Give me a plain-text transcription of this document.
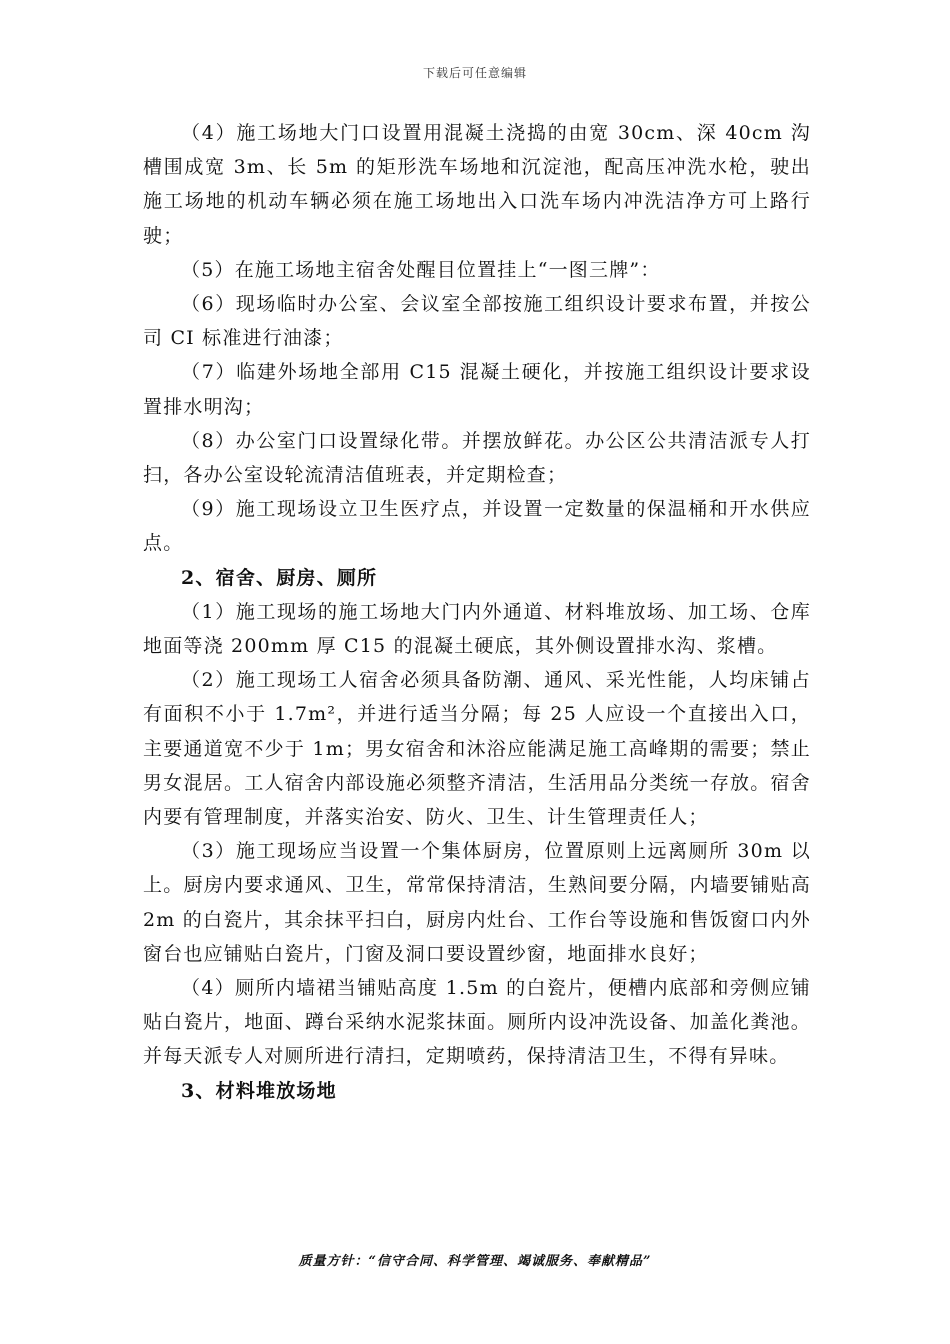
下载后可任意编辑

（4）施工场地大门口设置用混凝土浇捣的由宽 30cm、深 40cm 沟槽围成宽 3m、长 5m 的矩形洗车场地和沉淀池，配高压冲洗水枪，驶出施工场地的机动车辆必须在施工场地出入口洗车场内冲洗洁净方可上路行驶；

（5）在施工场地主宿舍处醒目位置挂上“一图三牌”：

（6）现场临时办公室、会议室全部按施工组织设计要求布置，并按公司 CI 标准进行油漆；

（7）临建外场地全部用 C15 混凝土硬化，并按施工组织设计要求设置排水明沟；

（8）办公室门口设置绿化带。并摆放鲜花。办公区公共清洁派专人打扫，各办公室设轮流清洁值班表，并定期检查；

（9）施工现场设立卫生医疗点，并设置一定数量的保温桶和开水供应点。

2、宿舍、厨房、厕所

（1）施工现场的施工场地大门内外通道、材料堆放场、加工场、仓库地面等浇 200mm 厚 C15 的混凝土硬底，其外侧设置排水沟、浆槽。

（2）施工现场工人宿舍必须具备防潮、通风、采光性能，人均床铺占有面积不小于 1.7m²，并进行适当分隔；每 25 人应设一个直接出入口，主要通道宽不少于 1m；男女宿舍和沐浴应能满足施工高峰期的需要；禁止男女混居。工人宿舍内部设施必须整齐清洁，生活用品分类统一存放。宿舍内要有管理制度，并落实治安、防火、卫生、计生管理责任人；

（3）施工现场应当设置一个集体厨房，位置原则上远离厕所 30m 以上。厨房内要求通风、卫生，常常保持清洁，生熟间要分隔，内墙要铺贴高 2m 的白瓷片，其余抹平扫白，厨房内灶台、工作台等设施和售饭窗口内外窗台也应铺贴白瓷片，门窗及洞口要设置纱窗，地面排水良好；

（4）厕所内墙裙当铺贴高度 1.5m 的白瓷片，便槽内底部和旁侧应铺贴白瓷片，地面、蹲台采纳水泥浆抹面。厕所内设冲洗设备、加盖化粪池。并每天派专人对厕所进行清扫，定期喷药，保持清洁卫生，不得有异味。

3、材料堆放场地

质量方针：“信守合同、科学管理、竭诚服务、奉献精品”
